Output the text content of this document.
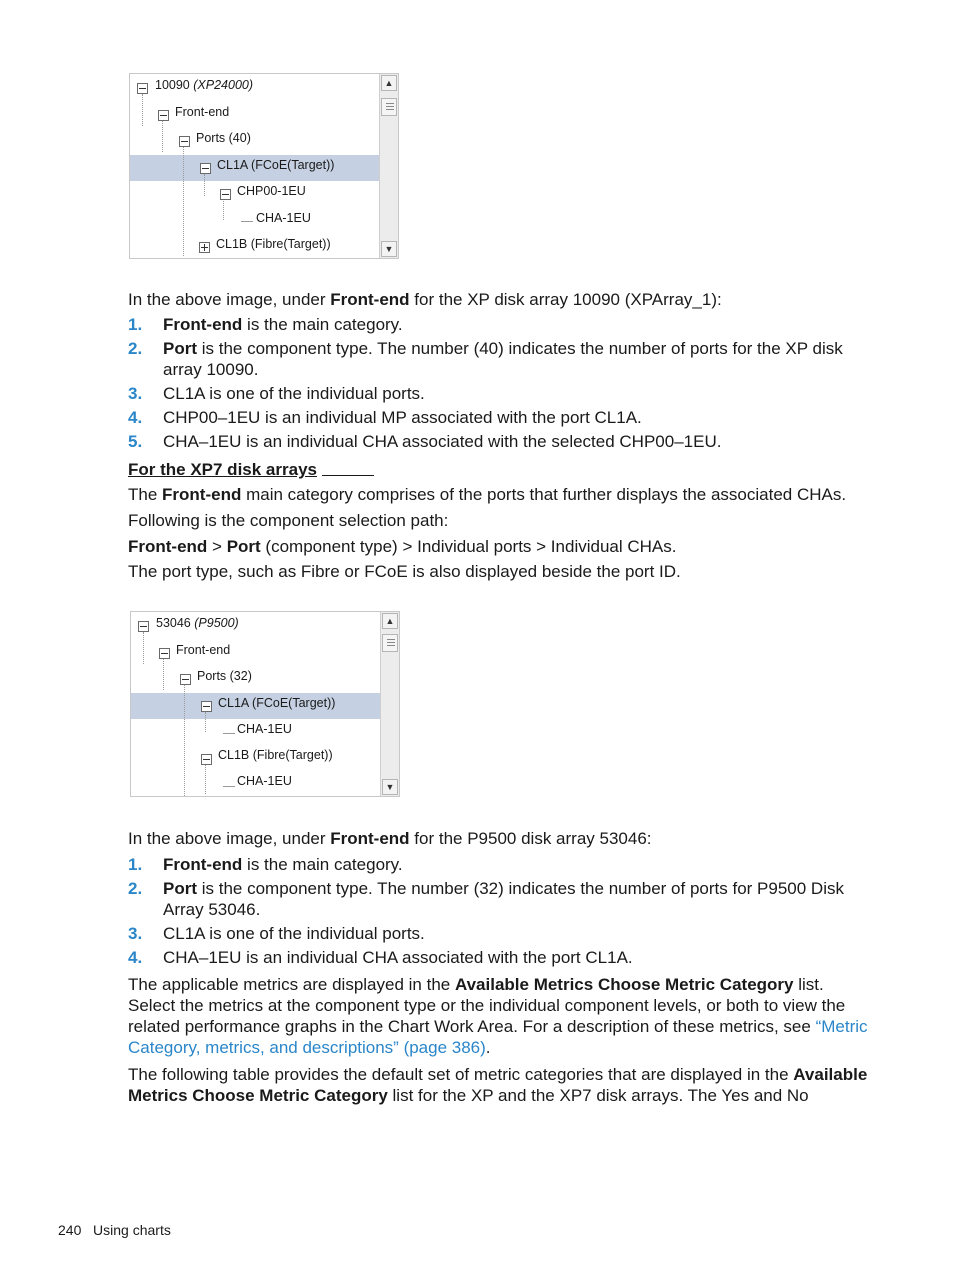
10090 (XP24000)
Front-end
Ports (40)
CL1A (FCoE(Target))
CHP00-1EU
CHA-1EU
CL1B (Fibre(Target))
▲
▼
In the above image, under Front-end for the XP disk array 10090 (XPArray_1):
1. Front-end is the main category.
2. Port is the component type. The number (40) indicates the number of ports for the XP disk array 10090.
3. CL1A is one of the individual ports.
4. CHP00–1EU is an individual MP associated with the port CL1A.
5. CHA–1EU is an individual CHA associated with the selected CHP00–1EU.
For the XP7 disk arrays
The Front-end main category comprises of the ports that further displays the associated CHAs.
Following is the component selection path:
Front-end > Port (component type) > Individual ports > Individual CHAs.
The port type, such as Fibre or FCoE is also displayed beside the port ID.
53046 (P9500)
Front-end
Ports (32)
CL1A (FCoE(Target))
CHA-1EU
CL1B (Fibre(Target))
CHA-1EU
▲
▼
In the above image, under Front-end for the P9500 disk array 53046:
1. Front-end is the main category.
2. Port is the component type. The number (32) indicates the number of ports for P9500 Disk Array 53046.
3. CL1A is one of the individual ports.
4. CHA–1EU is an individual CHA associated with the port CL1A.
The applicable metrics are displayed in the Available Metrics Choose Metric Category list. Select the metrics at the component type or the individual component levels, or both to view the related performance graphs in the Chart Work Area. For a description of these metrics, see “Metric Category, metrics, and descriptions” (page 386).
The following table provides the default set of metric categories that are displayed in the Available Metrics Choose Metric Category list for the XP and the XP7 disk arrays. The Yes and No
240 Using charts
